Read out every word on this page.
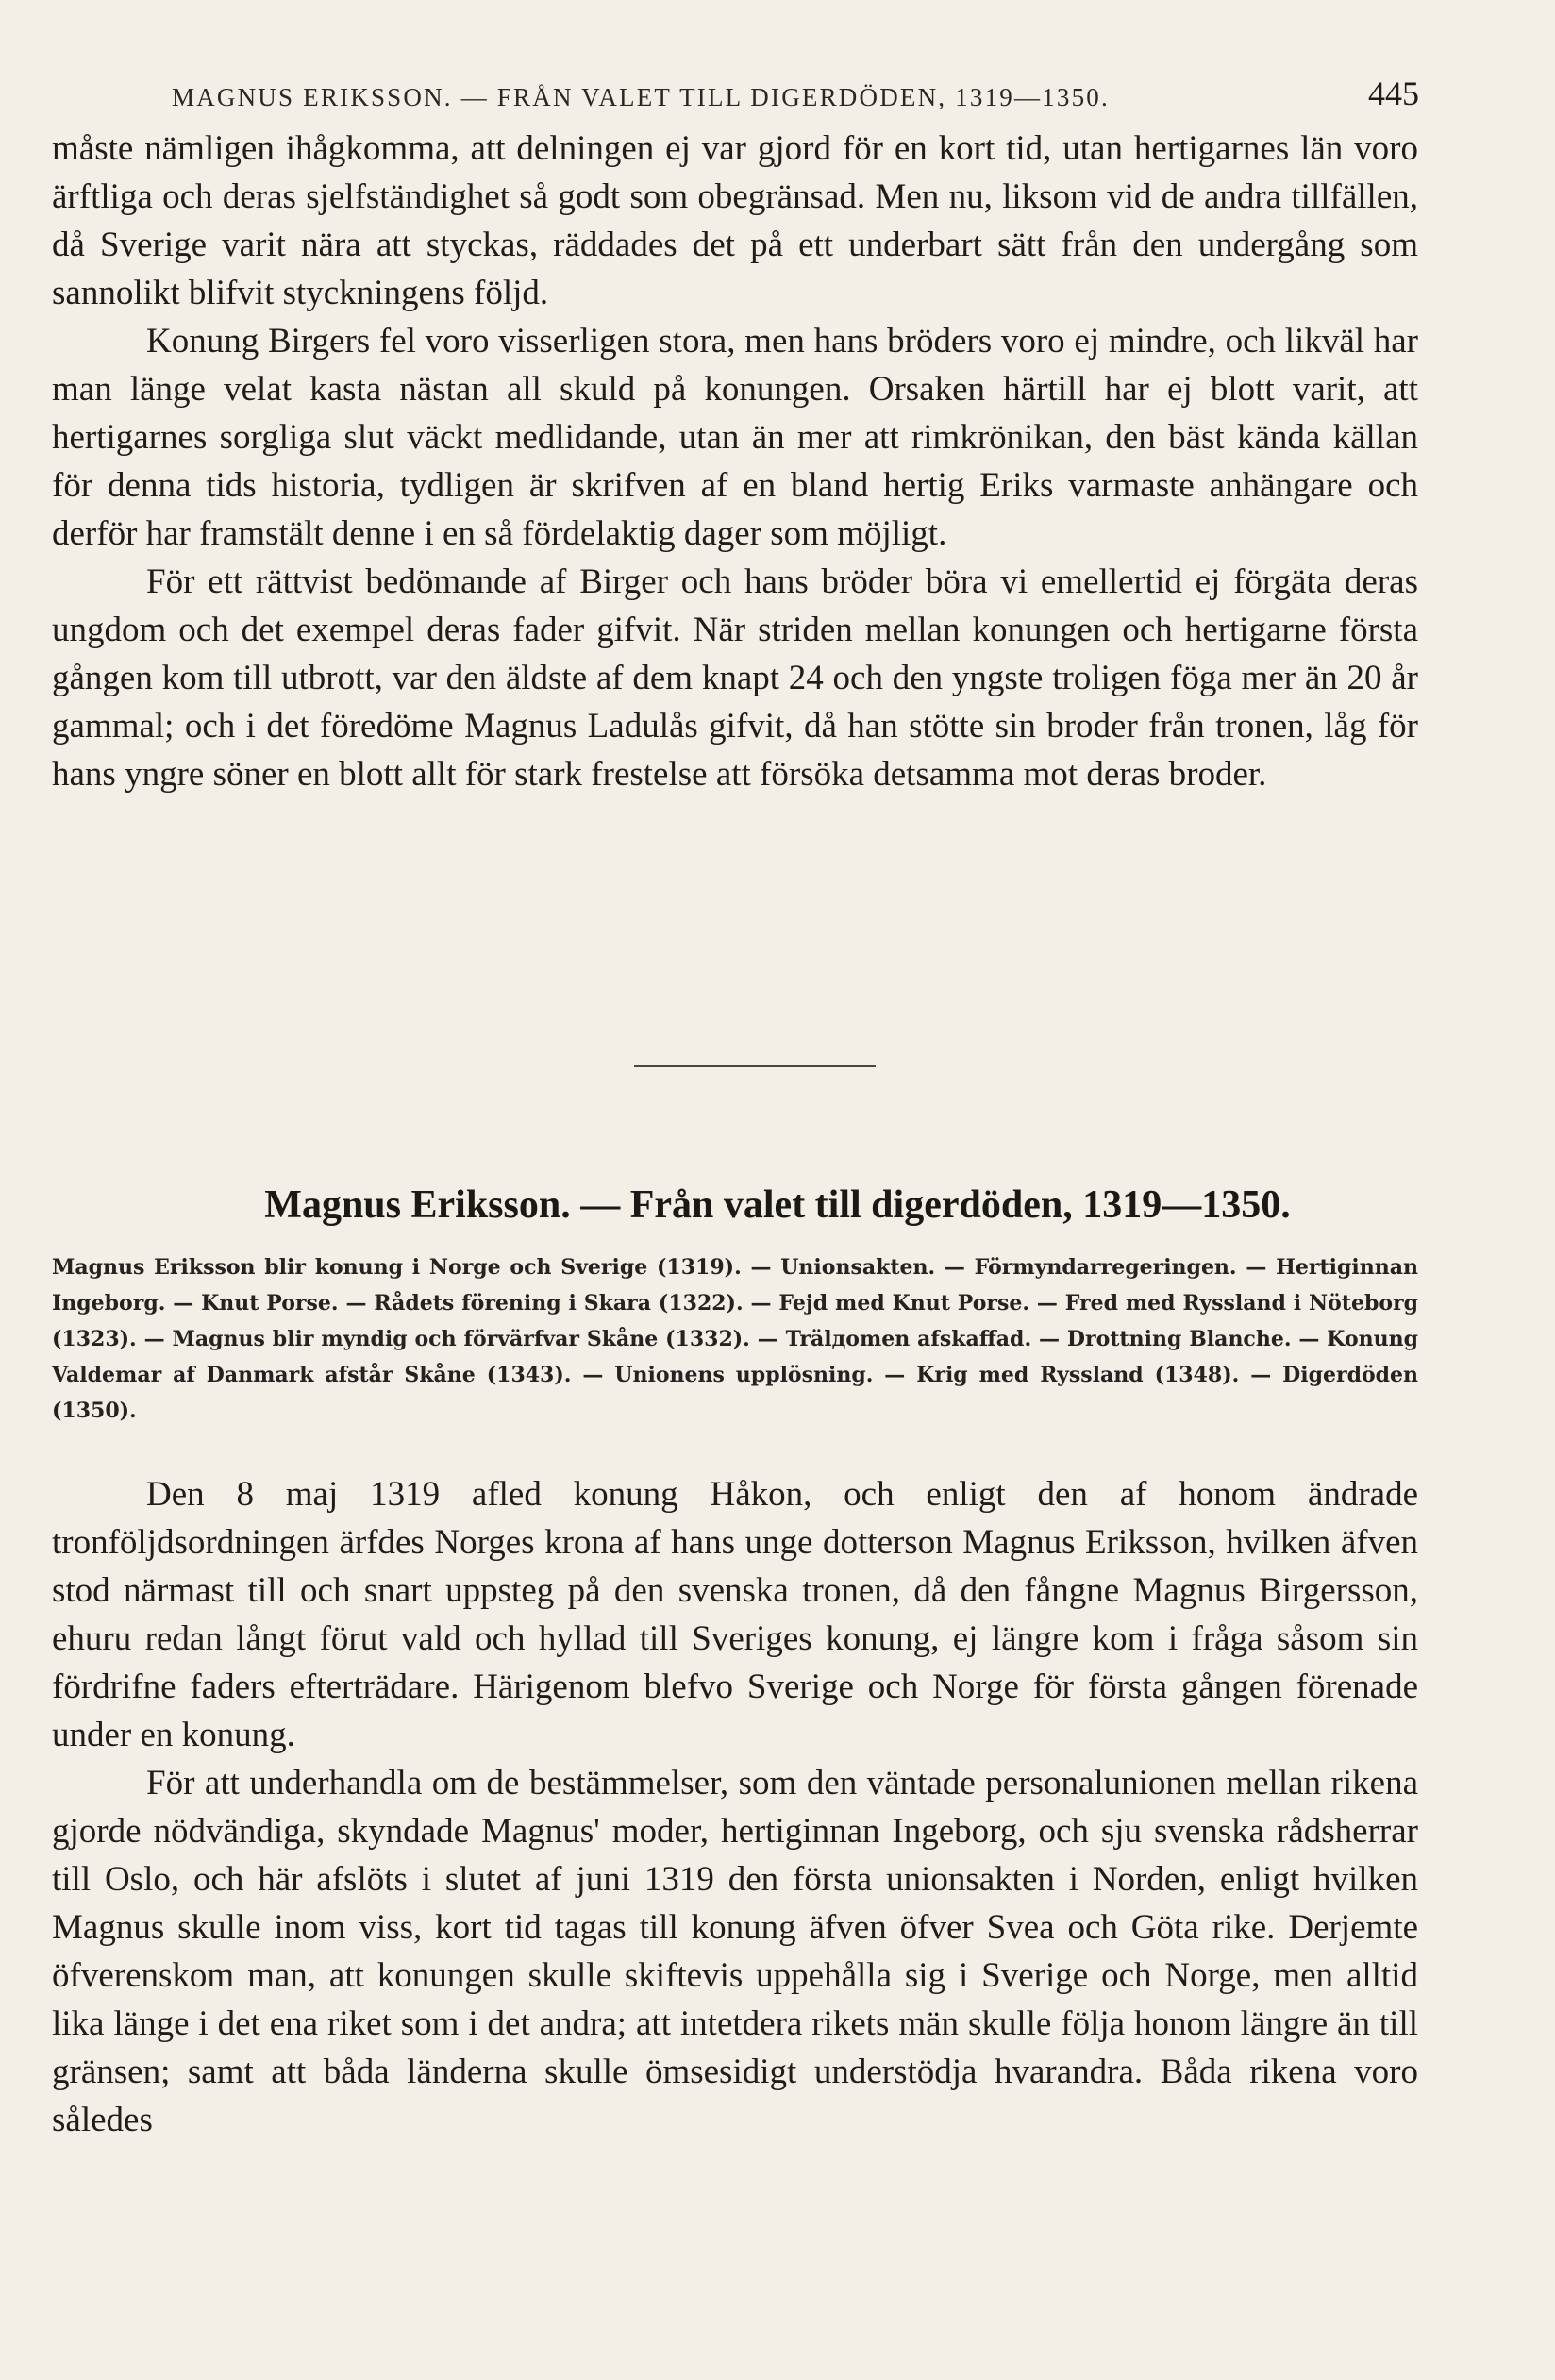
MAGNUS ERIKSSON. — FRÅN VALET TILL DIGERDÖDEN, 1319—1350.	445

måste nämligen ihågkomma, att delningen ej var gjord för en kort tid, utan hertigarnes län voro ärftliga och deras sjelfständighet så godt som obegränsad. Men nu, liksom vid de andra tillfällen, då Sverige varit nära att styckas, räddades det på ett underbart sätt från den undergång som sannolikt blifvit styckningens följd.

Konung Birgers fel voro visserligen stora, men hans bröders voro ej mindre, och likväl har man länge velat kasta nästan all skuld på konungen. Orsaken härtill har ej blott varit, att hertigarnes sorgliga slut väckt medlidande, utan än mer att rimkrönikan, den bäst kända källan för denna tids historia, tydligen är skrifven af en bland hertig Eriks varmaste anhängare och derför har framstält denne i en så fördelaktig dager som möjligt.

För ett rättvist bedömande af Birger och hans bröder böra vi emellertid ej förgäta deras ungdom och det exempel deras fader gifvit. När striden mellan konungen och hertigarne första gången kom till utbrott, var den äldste af dem knapt 24 och den yngste troligen föga mer än 20 år gammal; och i det föredöme Magnus Ladulås gifvit, då han stötte sin broder från tronen, låg för hans yngre söner en blott allt för stark frestelse att försöka detsamma mot deras broder.

Magnus Eriksson. — Från valet till digerdöden, 1319—1350.
Magnus Eriksson blir konung i Norge och Sverige (1319). — Unionsakten. — Förmyndarregeringen. — Hertiginnan Ingeborg. — Knut Porse. — Rådets förening i Skara (1322). — Fejd med Knut Porse. — Fred med Ryssland i Nöteborg (1323). — Magnus blir myndig och förvärfvar Skåne (1332). — Trälдomen afskaffad. — Drottning Blanche. — Konung Valdemar af Danmark afstår Skåne (1343). — Unionens upplösning. — Krig med Ryssland (1348). — Digerdöden (1350).

Den 8 maj 1319 afled konung Håkon, och enligt den af honom ändrade tronföljdsordningen ärfdes Norges krona af hans unge dotterson Magnus Eriksson, hvilken äfven stod närmast till och snart uppsteg på den svenska tronen, då den fångne Magnus Birgersson, ehuru redan långt förut vald och hyllad till Sveriges konung, ej längre kom i fråga såsom sin fördrifne faders efterträdare. Härigenom blefvo Sverige och Norge för första gången förenade under en konung.

För att underhandla om de bestämmelser, som den väntade personalunionen mellan rikena gjorde nödvändiga, skyndade Magnus' moder, hertiginnan Ingeborg, och sju svenska rådsherrar till Oslo, och här afslöts i slutet af juni 1319 den första unionsakten i Norden, enligt hvilken Magnus skulle inom viss, kort tid tagas till konung äfven öfver Svea och Göta rike. Derjemte öfverenskom man, att konungen skulle skiftevis uppehålla sig i Sverige och Norge, men alltid lika länge i det ena riket som i det andra; att intetdera rikets män skulle följa honom längre än till gränsen; samt att båda länderna skulle ömsesidigt understödja hvarandra. Båda rikena voro således
